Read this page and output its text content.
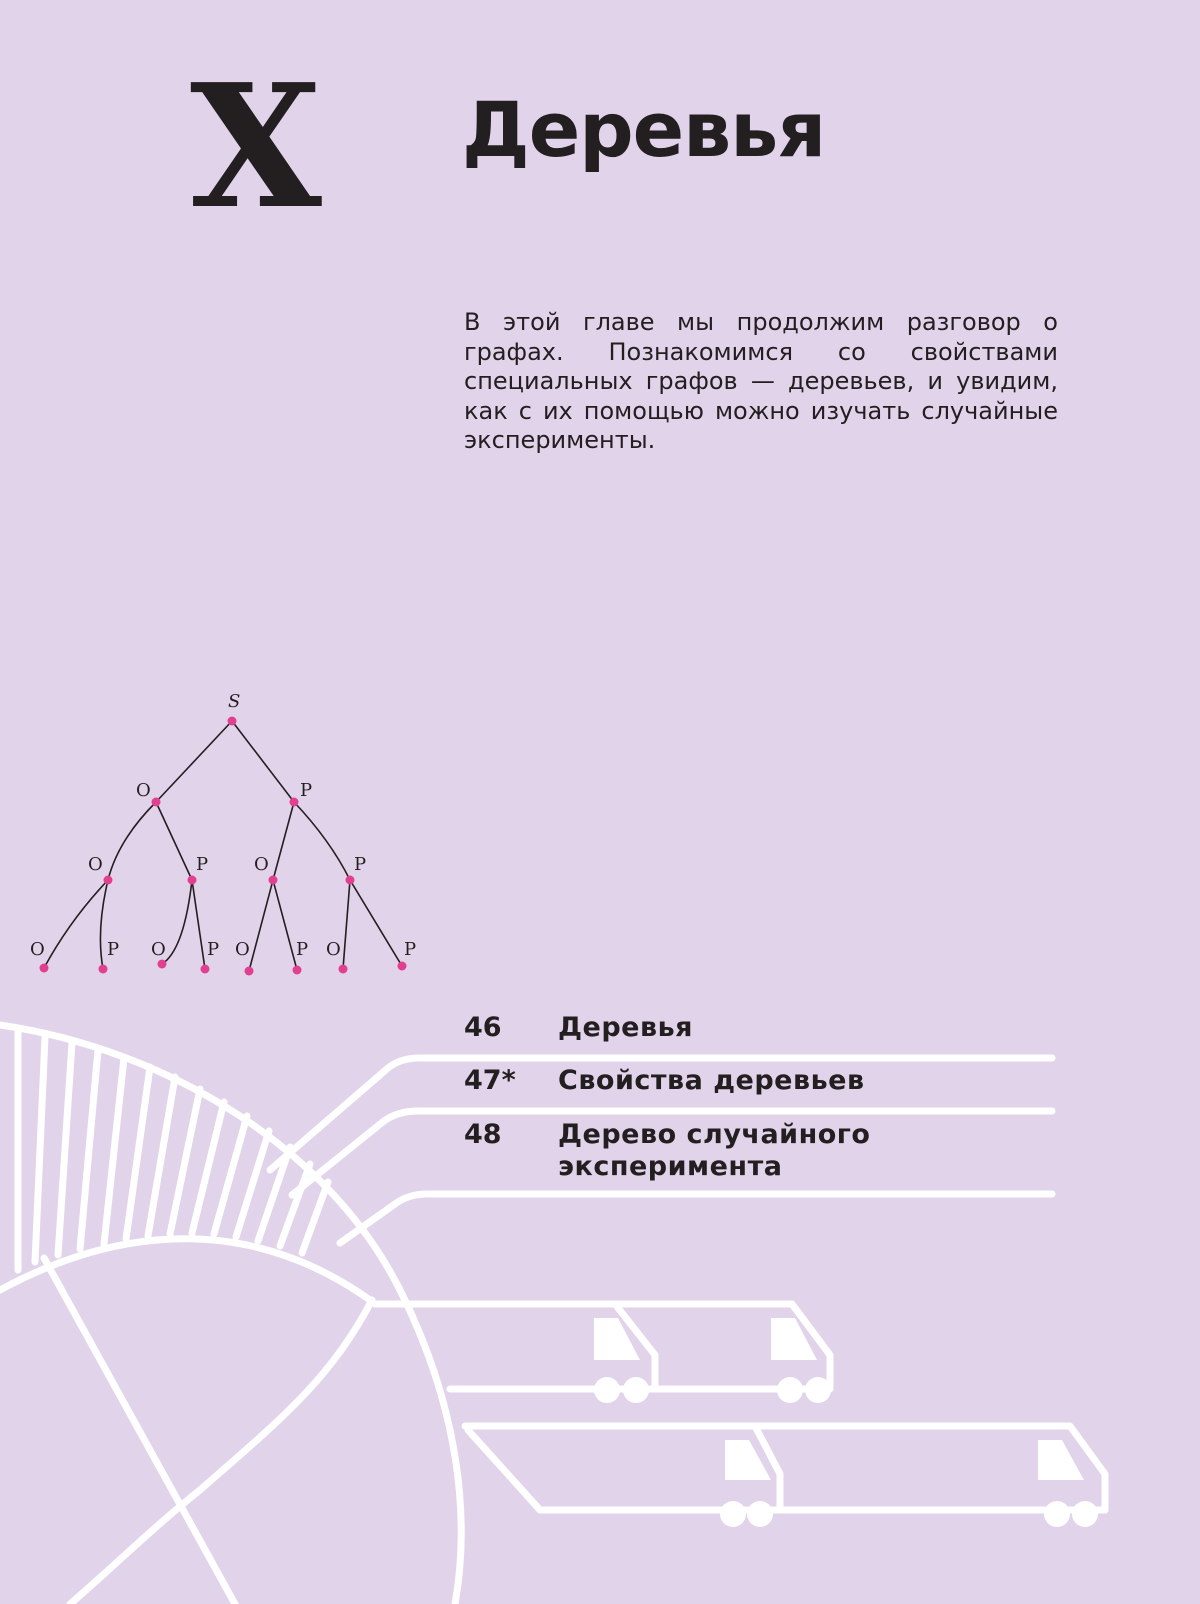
X Деревья

В этой главе мы продолжим разговор о графах. Познакомимся со свойствами специальных графов — деревьев, и увидим, как с их помощью можно изучать случайные эксперименты.

S
О	Р
О	Р	О	Р
О	Р О Р О	Р О	Р
46	Деревья
47*	Свойства деревьев
48	Дерево случайного эксперимента
